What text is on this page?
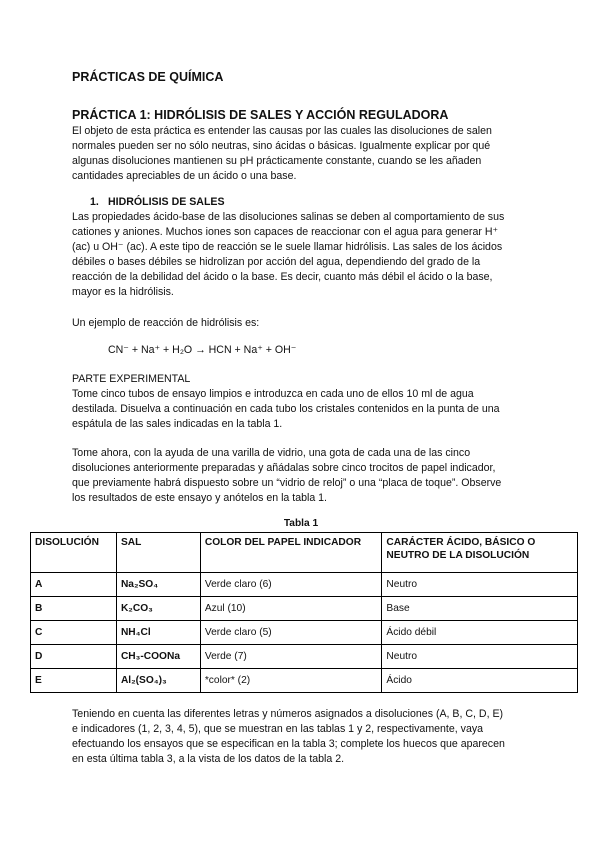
PRÁCTICAS DE QUÍMICA
PRÁCTICA 1: HIDRÓLISIS DE SALES Y ACCIÓN REGULADORA
El objeto de esta práctica es entender las causas por las cuales las disoluciones de salen
normales pueden ser no sólo neutras, sino ácidas o básicas. Igualmente explicar por qué
algunas disoluciones mantienen su pH prácticamente constante, cuando se les añaden
cantidades apreciables de un ácido o una base.
1. HIDRÓLISIS DE SALES
Las propiedades ácido-base de las disoluciones salinas se deben al comportamiento de sus
cationes y aniones. Muchos iones son capaces de reaccionar con el agua para generar H⁺
(ac) u OH⁻ (ac). A este tipo de reacción se le suele llamar hidrólisis. Las sales de los ácidos
débiles o bases débiles se hidrolizan por acción del agua, dependiendo del grado de la
reacción de la debilidad del ácido o la base. Es decir, cuanto más débil el ácido o la base,
mayor es la hidrólisis.
Un ejemplo de reacción de hidrólisis es:
CN⁻ + Na⁺ + H₂O → HCN + Na⁺ + OH⁻
PARTE EXPERIMENTAL
Tome cinco tubos de ensayo limpios e introduzca en cada uno de ellos 10 ml de agua
destilada. Disuelva a continuación en cada tubo los cristales contenidos en la punta de una
espátula de las sales indicadas en la tabla 1.
Tome ahora, con la ayuda de una varilla de vidrio, una gota de cada una de las cinco
disoluciones anteriormente preparadas y añádalas sobre cinco trocitos de papel indicador,
que previamente habrá dispuesto sobre un “vidrio de reloj” o una “placa de toque”. Observe
los resultados de este ensayo y anótelos en la tabla 1.
Tabla 1
DISOLUCIÓN	SAL	COLOR DEL PAPEL INDICADOR	CARÁCTER ÁCIDO, BÁSICO O NEUTRO DE LA DISOLUCIÓN
A	Na₂SO₄	Verde claro (6)	Neutro
B	K₂CO₃	Azul (10)	Base
C	NH₄Cl	Verde claro (5)	Ácido débil
D	CH₃-COONa	Verde (7)	Neutro
E	Al₂(SO₄)₃	*color* (2)	Ácido
Teniendo en cuenta las diferentes letras y números asignados a disoluciones (A, B, C, D, E)
e indicadores (1, 2, 3, 4, 5), que se muestran en las tablas 1 y 2, respectivamente, vaya
efectuando los ensayos que se especifican en la tabla 3; complete los huecos que aparecen
en esta última tabla 3, a la vista de los datos de la tabla 2.
